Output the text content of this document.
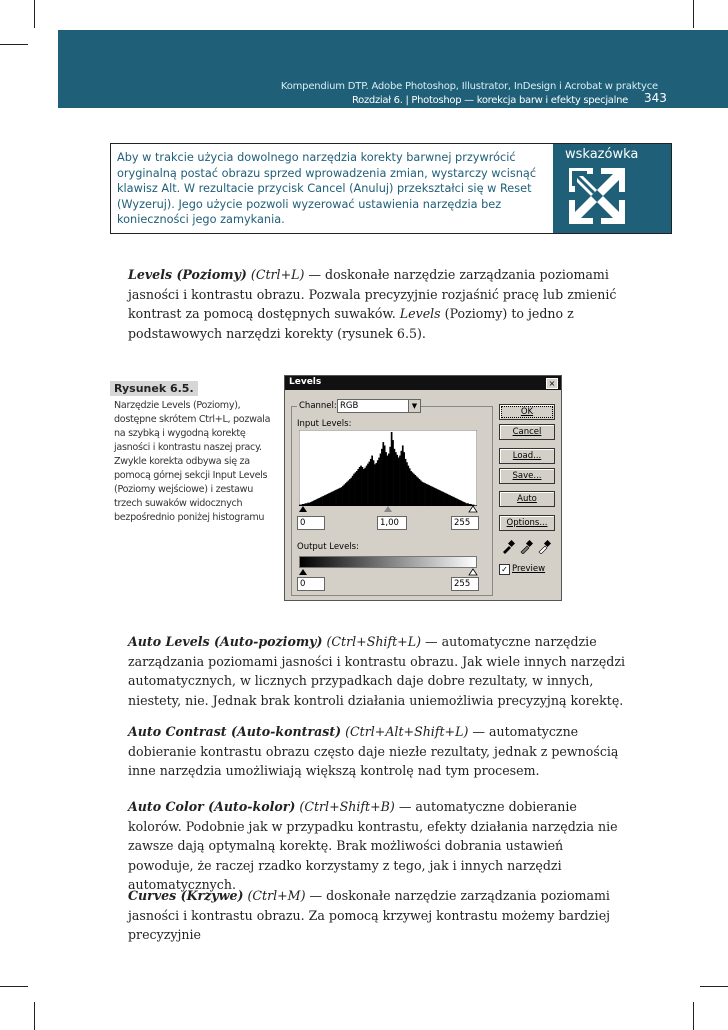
Kompendium DTP. Adobe Photoshop, Illustrator, InDesign i Acrobat w praktyce
Rozdział 6. | Photoshop — korekcja barw i efekty specjalne 343
Aby w trakcie użycia dowolnego narzędzia korekty barwnej przywrócić oryginalną postać obrazu sprzed wprowadzenia zmian, wystarczy wcisnąć klawisz Alt. W rezultacie przycisk Cancel (Anuluj) przekształci się w Reset (Wyzeruj). Jego użycie pozwoli wyzerować ustawienia narzędzia bez konieczności jego zamykania.
wskazówka
Levels (Poziomy) (Ctrl+L) — doskonałe narzędzie zarządzania poziomami jasności i kontrastu obrazu. Pozwala precyzyjnie rozjaśnić pracę lub zmienić kontrast za pomocą dostępnych suwaków. Levels (Poziomy) to jedno z podstawowych narzędzi korekty (rysunek 6.5).
Rysunek 6.5.
Narzędzie Levels (Poziomy), dostępne skrótem Ctrl+L, pozwala na szybką i wygodną korektę jasności i kontrastu naszej pracy. Zwykle korekta odbywa się za pomocą górnej sekcji Input Levels (Poziomy wejściowe) i zestawu trzech suwaków widocznych bezpośrednio poniżej histogramu
Levels	×
Channel: RGB	▼
Input Levels:
0	1,00	255
Output Levels:
0	255
OK
Cancel
Load...
Save...
Auto
Options...
✓ Preview
Auto Levels (Auto-poziomy) (Ctrl+Shift+L) — automatyczne narzędzie zarządzania poziomami jasności i kontrastu obrazu. Jak wiele innych narzędzi automatycznych, w licznych przypadkach daje dobre rezultaty, w innych, niestety, nie. Jednak brak kontroli działania uniemożliwia precyzyjną korektę.
Auto Contrast (Auto-kontrast) (Ctrl+Alt+Shift+L) — automatyczne dobieranie kontrastu obrazu często daje niezłe rezultaty, jednak z pewnością inne narzędzia umożliwiają większą kontrolę nad tym procesem.
Auto Color (Auto-kolor) (Ctrl+Shift+B) — automatyczne dobieranie kolorów. Podobnie jak w przypadku kontrastu, efekty działania narzędzia nie zawsze dają optymalną korektę. Brak możliwości dobrania ustawień powoduje, że raczej rzadko korzystamy z tego, jak i innych narzędzi automatycznych.
Curves (Krzywe) (Ctrl+M) — doskonałe narzędzie zarządzania poziomami jasności i kontrastu obrazu. Za pomocą krzywej kontrastu możemy bardziej precyzyjnie
